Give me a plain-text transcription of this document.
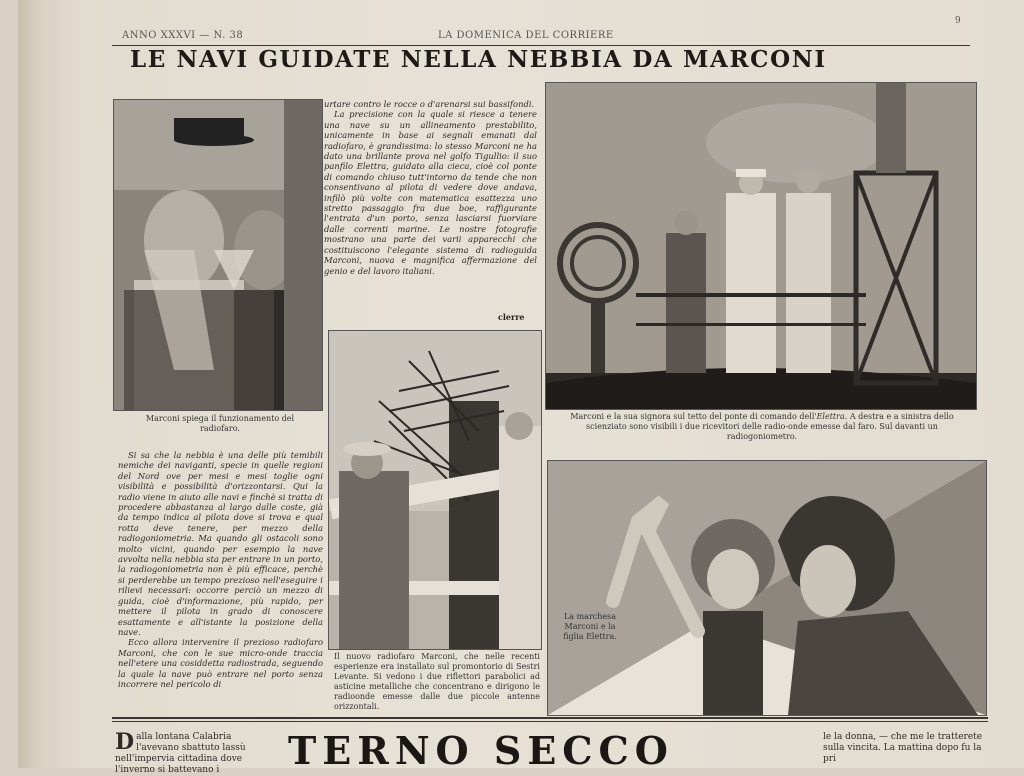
ANNO XXXVI — N. 38	LA DOMENICA DEL CORRIERE
9
LE NAVI GUIDATE NELLA NEBBIA DA MARCONI
Marconi spiega il funzionamento del radiofaro.

urtare contro le rocce o d'arenarsi sui bassifondi.

La precisione con la quale si riesce a tenere una nave su un allineamento prestabilito, unicamente in base ai segnali emanati dal radiofaro, è grandissima: lo stesso Marconi ne ha dato una brillante prova nel golfo Tigullio: il suo panfilo Elettra, guidato alla cieca, cioè col ponte di comando chiuso tutt'intorno da tende che non consentivano al pilota di vedere dove andava, infilò più volte con matematica esattezza uno stretto passaggio fra due boe, raffigurante l'entrata d'un porto, senza lasciarsi fuorviare dalle correnti marine. Le nostre fotografie mostrano una parte dei varii apparecchi che costituiscono l'elegante sistema di radioguida Marconi, nuova e magnifica affermazione del genio e del lavoro italiani.

clerre
Marconi e la sua signora sul tetto del ponte di comando dell'Elettra. A destra e a sinistra dello scienziato sono visibili i due ricevitori delle radio-onde emesse dal faro. Sul davanti un radiogoniometro.

Si sa che la nebbia è una delle più temibili nemiche dei naviganti, specie in quelle regioni del Nord ove per mesi e mesi toglie ogni visibilità e possibilità d'orizzontarsi. Qui la radio viene in aiuto alle navi e finchè si tratta di procedere abbastanza al largo dalle coste, già da tempo indica al pilota dove si trova e qual rotta deve tenere, per mezzo della radiogoniometria. Ma quando gli ostacoli sono molto vicini, quando per esempio la nave avvolta nella nebbia sta per entrare in un porto, la radiogoniometria non è più efficace, perchè si perderebbe un tempo prezioso nell'eseguire i rilievi necessari: occorre perciò un mezzo di guida, cioè d'informazione, più rapido, per mettere il pilota in grado di conoscere esattamente e all'istante la posizione della nave.

Ecco allora intervenire il prezioso radiofaro Marconi, che con le sue micro-onde traccia nell'etere una cosiddetta radiostrada, seguendo la quale la nave può entrare nel porto senza incorrere nel pericolo di

Il nuovo radiofaro Marconi, che nelle recenti esperienze era installato sul promontorio di Sestri Levante. Si vedono i due riflettori parabolici ad asticine metalliche che concentrano e dirigono le radioonde emesse dalle due piccole antenne orizzontali.
La marchesa Marconi e la figlia Elettra.
Dalla lontana Calabria l'avevano sbattuto lassù nell'impervia cittadina dove l'inverno si battevano i	TERNO SECCO	le la donna, — che me le tratterete sulla vincita. La mattina dopo fu la pri
